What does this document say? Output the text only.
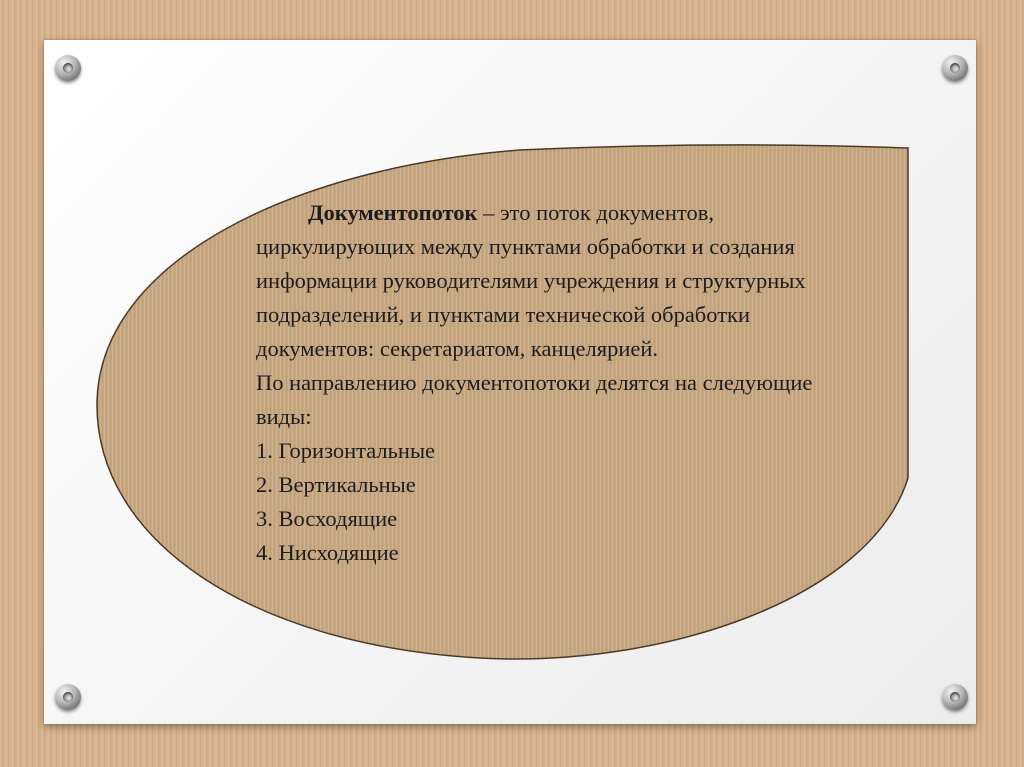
Документопоток – это поток документов, циркулирующих между пунктами обработки и создания информации руководителями учреждения и структурных подразделений, и пунктами технической обработки документов: секретариатом, канцелярией.

По направлению документопотоки делятся на следующие виды:

1. Горизонтальные

2. Вертикальные

3. Восходящие

4. Нисходящие
